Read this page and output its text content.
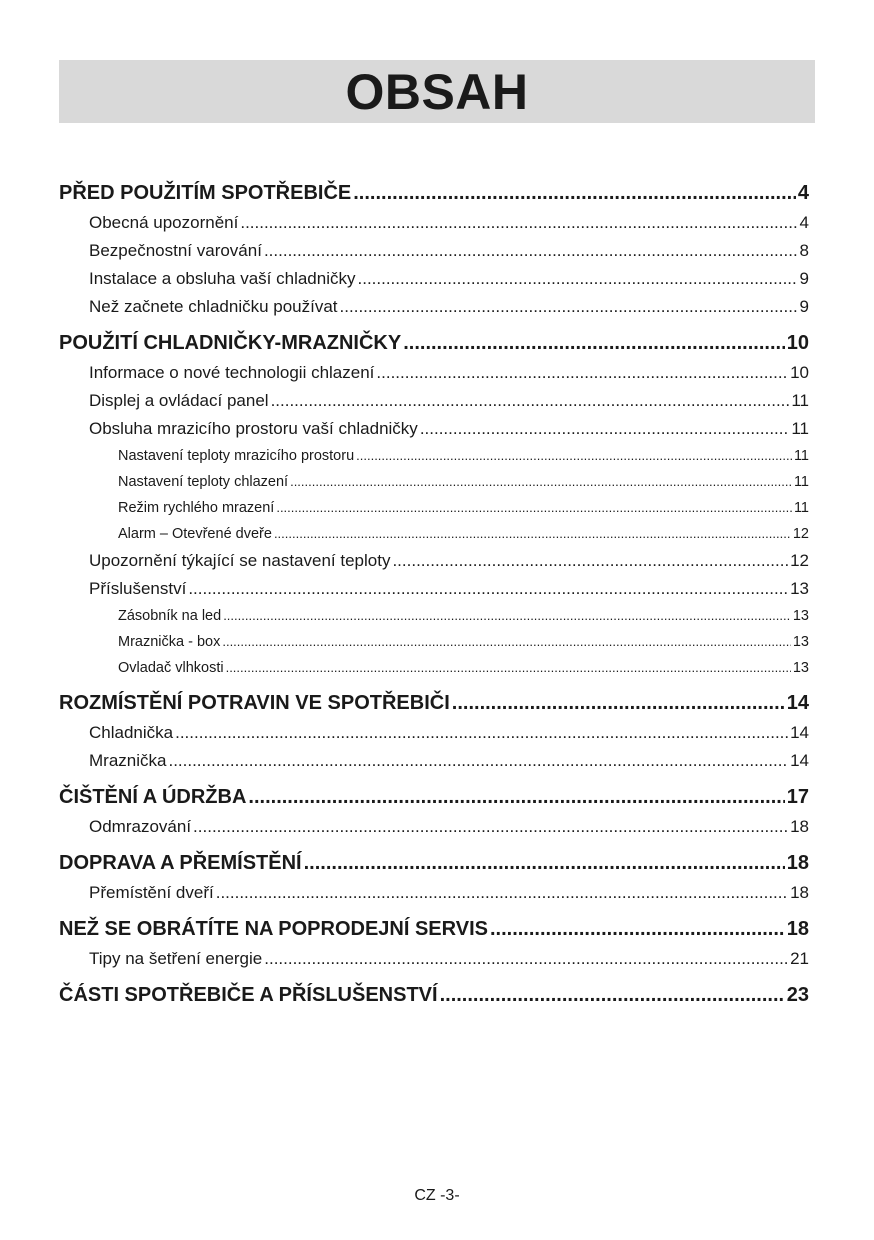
OBSAH
PŘED POUŽITÍM SPOTŘEBIČE .....	4
Obecná upozornění .....	4
Bezpečnostní varování .....	8
Instalace a obsluha vaší chladničky .....	9
Než začnete chladničku používat .....	9
POUŽITÍ CHLADNIČKY-MRAZNIČKY .....	10
Informace o nové technologii chlazení .....	10
Displej a ovládací panel .....	11
Obsluha mrazicího prostoru vaší chladničky .....	11
Nastavení teploty mrazicího prostoru .....	11
Nastavení teploty chlazení .....	11
Režim rychlého mrazení .....	11
Alarm – Otevřené dveře .....	12
Upozornění týkající se nastavení teploty .....	12
Příslušenství .....	13
Zásobník na led .....	13
Mraznička - box .....	13
Ovladač vlhkosti .....	13
ROZMÍSTĚNÍ POTRAVIN VE SPOTŘEBIČI .....	14
Chladnička .....	14
Mraznička .....	14
ČIŠTĚNÍ A ÚDRŽBA .....	17
Odmrazování .....	18
DOPRAVA A PŘEMÍSTĚNÍ .....	18
Přemístění dveří .....	18
NEŽ SE OBRÁTÍTE NA POPRODEJNÍ SERVIS .....	18
Tipy na šetření energie .....	21
ČÁSTI SPOTŘEBIČE A PŘÍSLUŠENSTVÍ .....	23
CZ -3-
